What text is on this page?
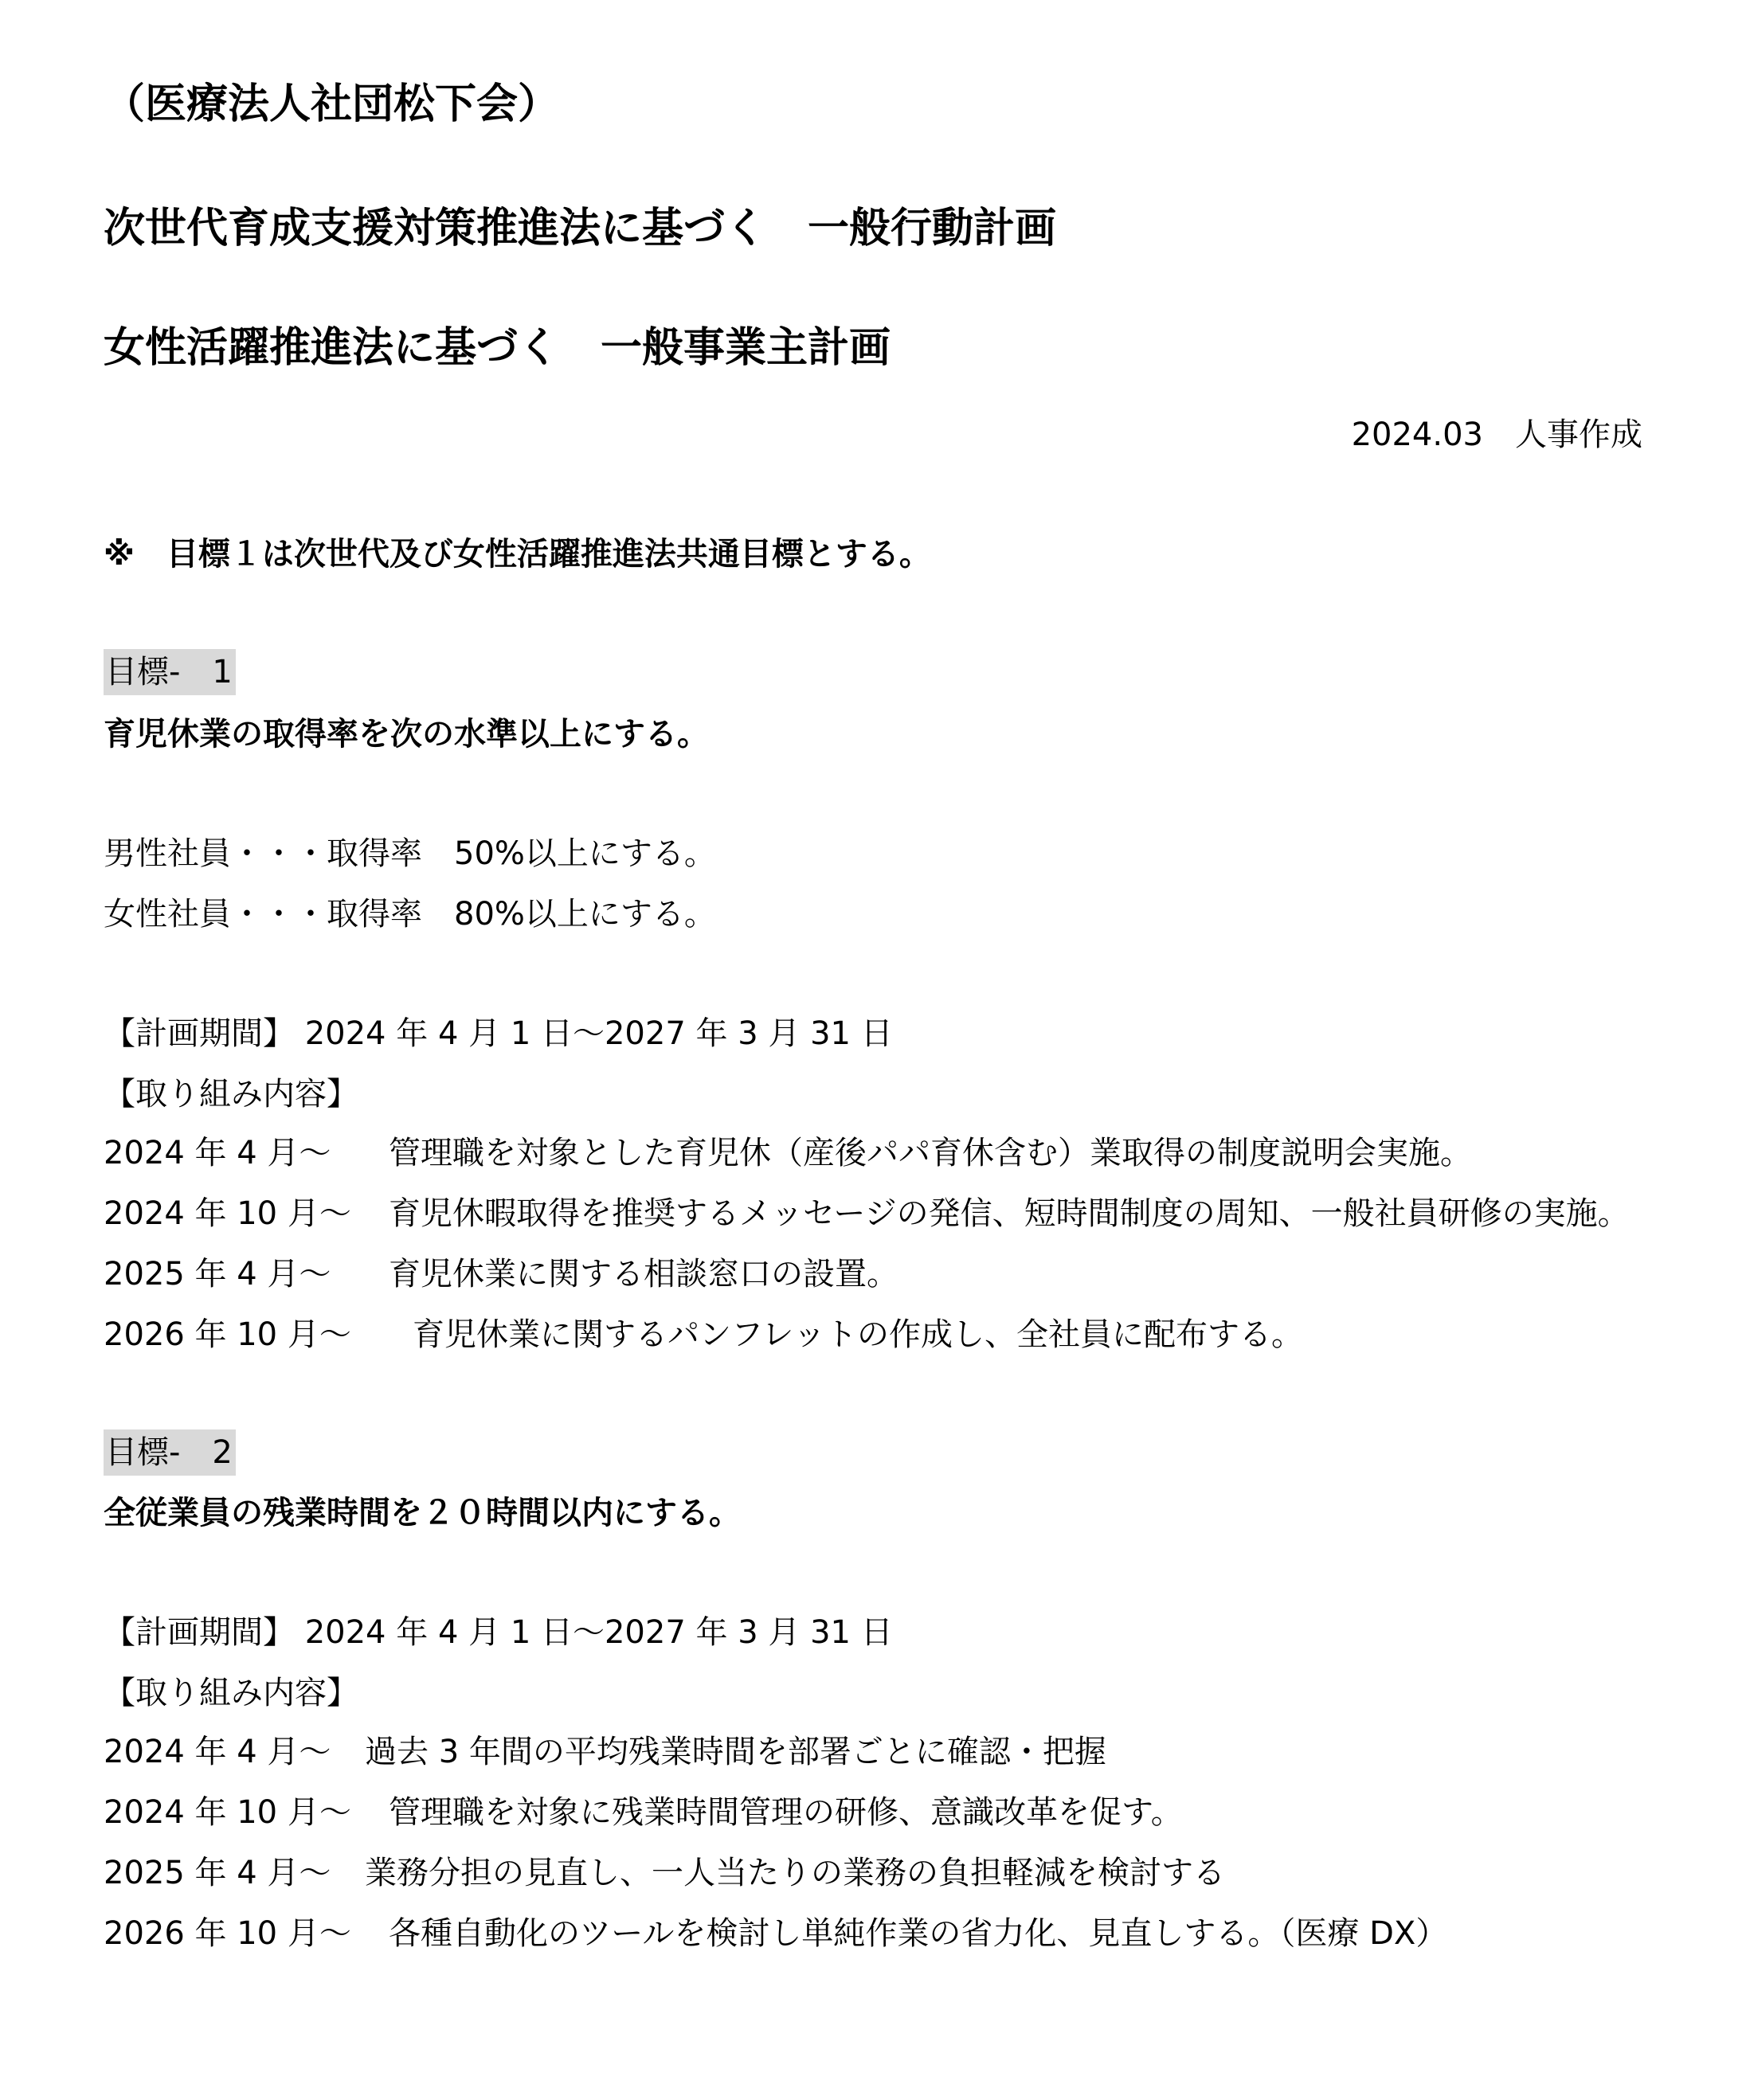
（医療法人社団松下会）
次世代育成支援対策推進法に基づく　一般行動計画
女性活躍推進法に基づく　一般事業主計画
2024.03　人事作成
※　目標１は次世代及び女性活躍推進法共通目標とする。
目標-　1
育児休業の取得率を次の水準以上にする。
男性社員・・・取得率　50%以上にする。
女性社員・・・取得率　80%以上にする。
【計画期間】 2024 年 4 月 1 日～2027 年 3 月 31 日
【取り組み内容】
2024 年 4 月～ 管理職を対象とした育児休（産後パパ育休含む）業取得の制度説明会実施。
2024 年 10 月～ 育児休暇取得を推奨するメッセージの発信、短時間制度の周知、一般社員研修の実施。
2025 年 4 月～ 育児休業に関する相談窓口の設置。
2026 年 10 月～ 育児休業に関するパンフレットの作成し、全社員に配布する。
目標-　2
全従業員の残業時間を２０時間以内にする。
【計画期間】 2024 年 4 月 1 日～2027 年 3 月 31 日
【取り組み内容】
2024 年 4 月～ 過去 3 年間の平均残業時間を部署ごとに確認・把握
2024 年 10 月～ 管理職を対象に残業時間管理の研修、意識改革を促す。
2025 年 4 月～ 業務分担の見直し、一人当たりの業務の負担軽減を検討する
2026 年 10 月～ 各種自動化のツールを検討し単純作業の省力化、見直しする。（医療 DX）
